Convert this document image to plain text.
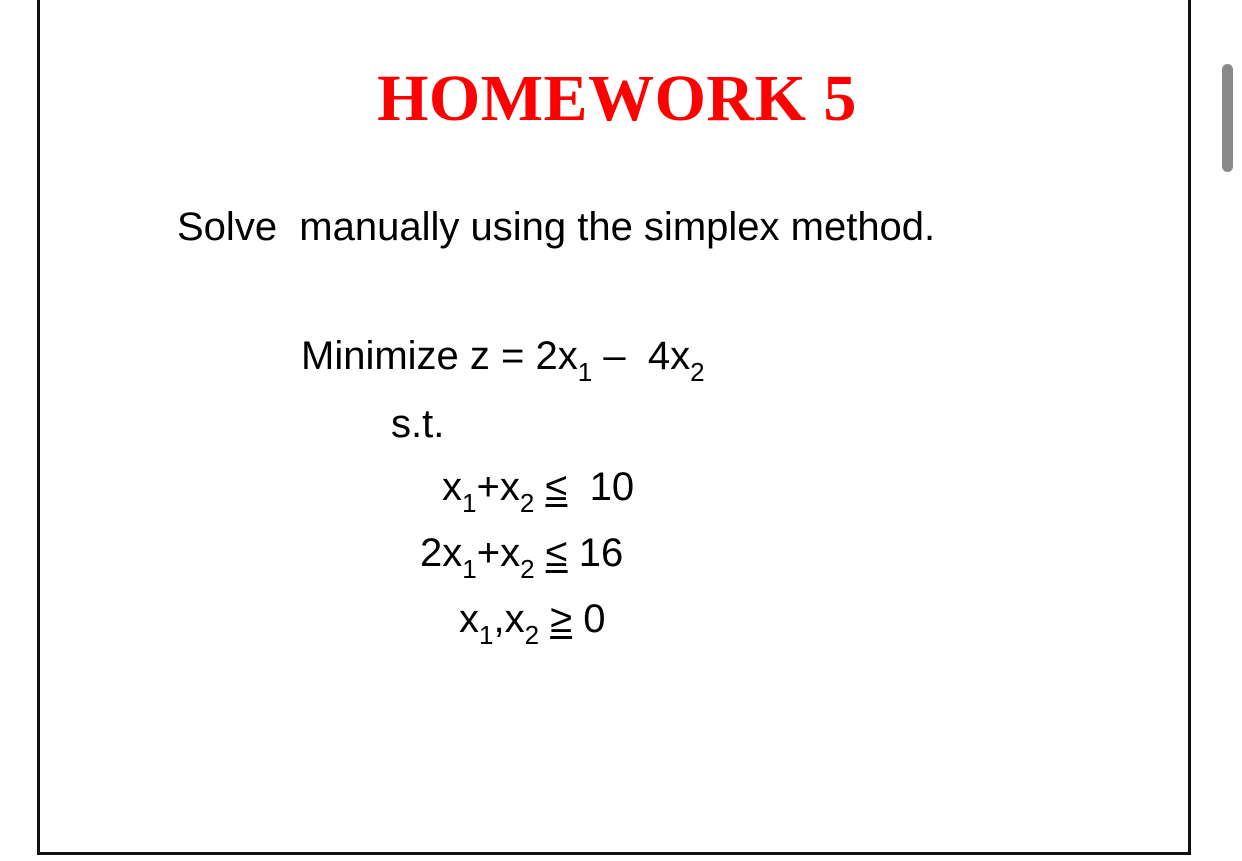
HOMEWORK 5
Solve  manually using the simplex method.
Minimize $z = 2x_1 - 4x_2$
s.t.
$x_1+x_2 \le 10$
$2x_1+x_2 \le 16$
$x_1,x_2 \ge 0$
